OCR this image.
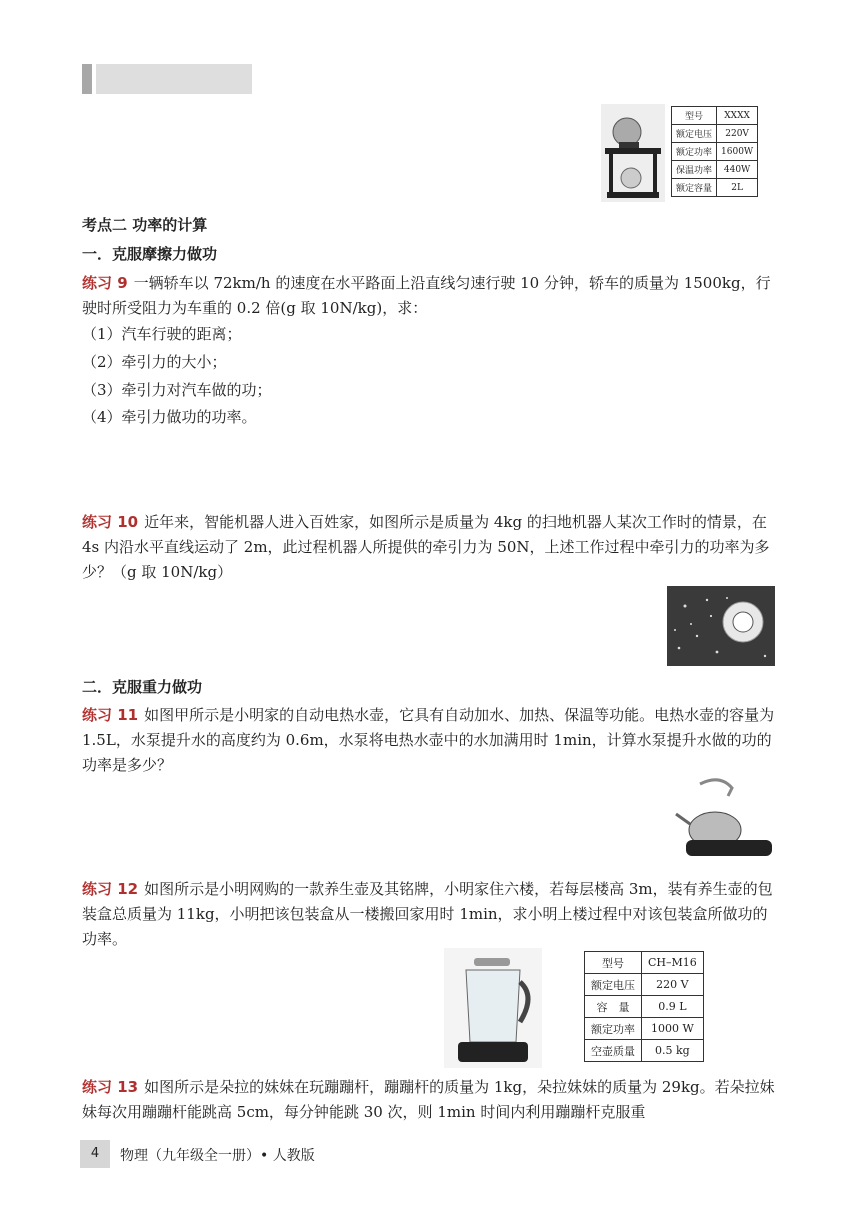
型号	XXXX
额定电压	220V
额定功率	1600W
保温功率	440W
额定容量	2L
考点二 功率的计算
一．克服摩擦力做功
练习 9 一辆轿车以 72km/h 的速度在水平路面上沿直线匀速行驶 10 分钟，轿车的质量为 1500kg，行驶时所受阻力为车重的 0.2 倍(g 取 10N/kg)，求：
（1）汽车行驶的距离；
（2）牵引力的大小；
（3）牵引力对汽车做的功；
（4）牵引力做功的功率。
练习 10 近年来，智能机器人进入百姓家，如图所示是质量为 4kg 的扫地机器人某次工作时的情景，在 4s 内沿水平直线运动了 2m，此过程机器人所提供的牵引力为 50N，上述工作过程中牵引力的功率为多少？（g 取 10N/kg）
二．克服重力做功
练习 11 如图甲所示是小明家的自动电热水壶，它具有自动加水、加热、保温等功能。电热水壶的容量为 1.5L，水泵提升水的高度约为 0.6m，水泵将电热水壶中的水加满用时 1min，计算水泵提升水做的功的功率是多少？
练习 12 如图所示是小明网购的一款养生壶及其铭牌，小明家住六楼，若每层楼高 3m，装有养生壶的包装盒总质量为 11kg，小明把该包装盒从一楼搬回家用时 1min，求小明上楼过程中对该包装盒所做功的功率。
型号	CH–M16
额定电压	220 V
容　量	0.9 L
额定功率	1000 W
空壶质量	0.5 kg
练习 13 如图所示是朵拉的妹妹在玩蹦蹦杆，蹦蹦杆的质量为 1kg，朵拉妹妹的质量为 29kg。若朵拉妹妹每次用蹦蹦杆能跳高 5cm，每分钟能跳 30 次，则 1min 时间内利用蹦蹦杆克服重
4	物理（九年级全一册）• 人教版
